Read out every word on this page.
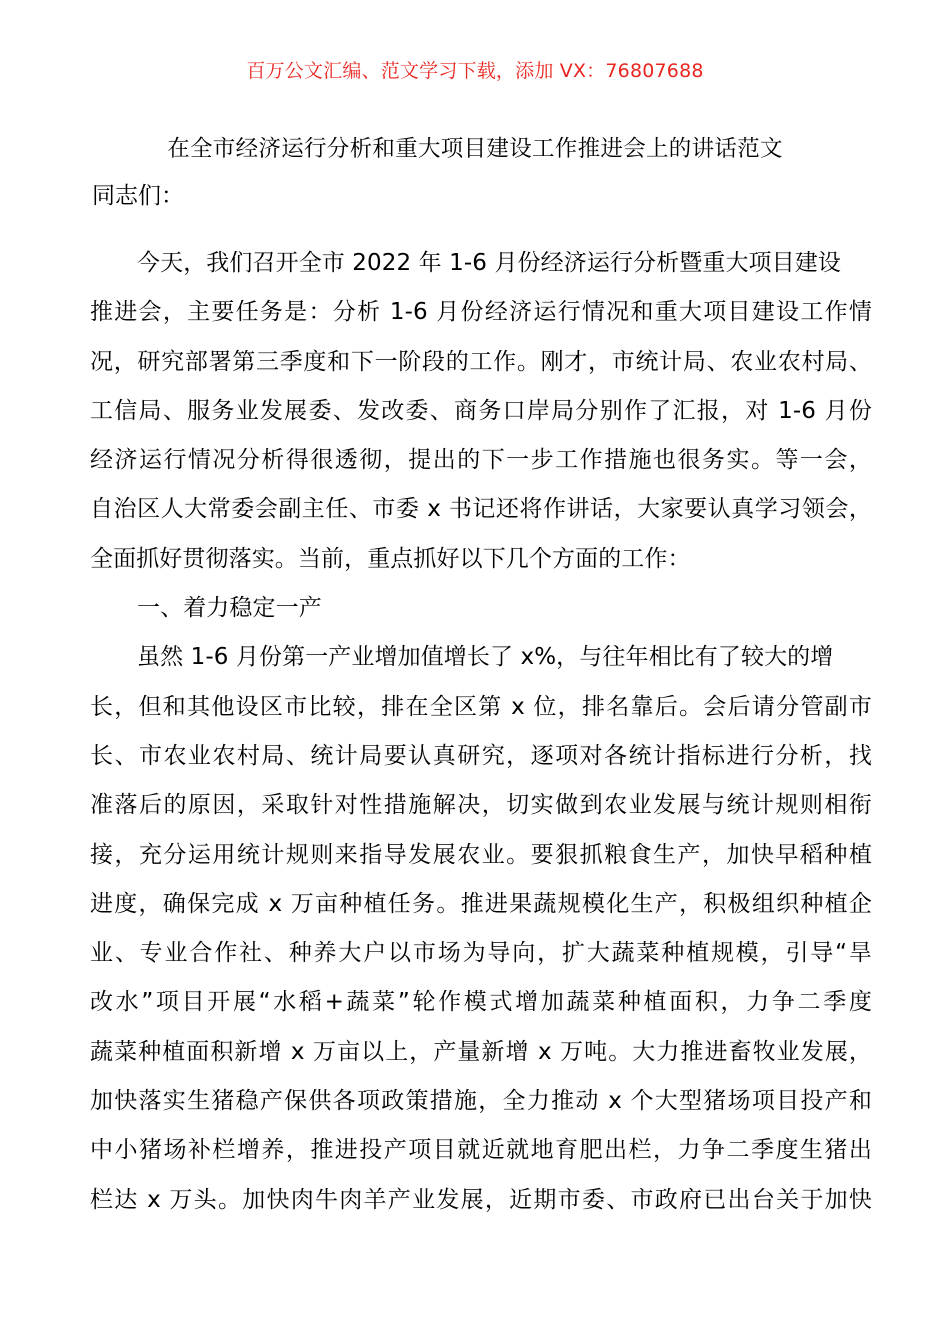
百万公文汇编、范文学习下载，添加 VX：76807688
在全市经济运行分析和重大项目建设工作推进会上的讲话范文
同志们：
今天，我们召开全市 2022 年 1-6 月份经济运行分析暨重大项目建设
推进会，主要任务是：分析 1-6 月份经济运行情况和重大项目建设工作情
况，研究部署第三季度和下一阶段的工作。刚才，市统计局、农业农村局、
工信局、服务业发展委、发改委、商务口岸局分别作了汇报，对 1-6 月份
经济运行情况分析得很透彻，提出的下一步工作措施也很务实。等一会，
自治区人大常委会副主任、市委 x 书记还将作讲话，大家要认真学习领会，
全面抓好贯彻落实。当前，重点抓好以下几个方面的工作：
一、着力稳定一产
虽然 1-6 月份第一产业增加值增长了 x%，与往年相比有了较大的增
长，但和其他设区市比较，排在全区第 x 位，排名靠后。会后请分管副市
长、市农业农村局、统计局要认真研究，逐项对各统计指标进行分析，找
准落后的原因，采取针对性措施解决，切实做到农业发展与统计规则相衔
接，充分运用统计规则来指导发展农业。要狠抓粮食生产，加快早稻种植
进度，确保完成 x 万亩种植任务。推进果蔬规模化生产，积极组织种植企
业、专业合作社、种养大户以市场为导向，扩大蔬菜种植规模，引导“旱
改水”项目开展“水稻+蔬菜”轮作模式增加蔬菜种植面积，力争二季度
蔬菜种植面积新增 x 万亩以上，产量新增 x 万吨。大力推进畜牧业发展，
加快落实生猪稳产保供各项政策措施，全力推动 x 个大型猪场项目投产和
中小猪场补栏增养，推进投产项目就近就地育肥出栏，力争二季度生猪出
栏达 x 万头。加快肉牛肉羊产业发展，近期市委、市政府已出台关于加快
